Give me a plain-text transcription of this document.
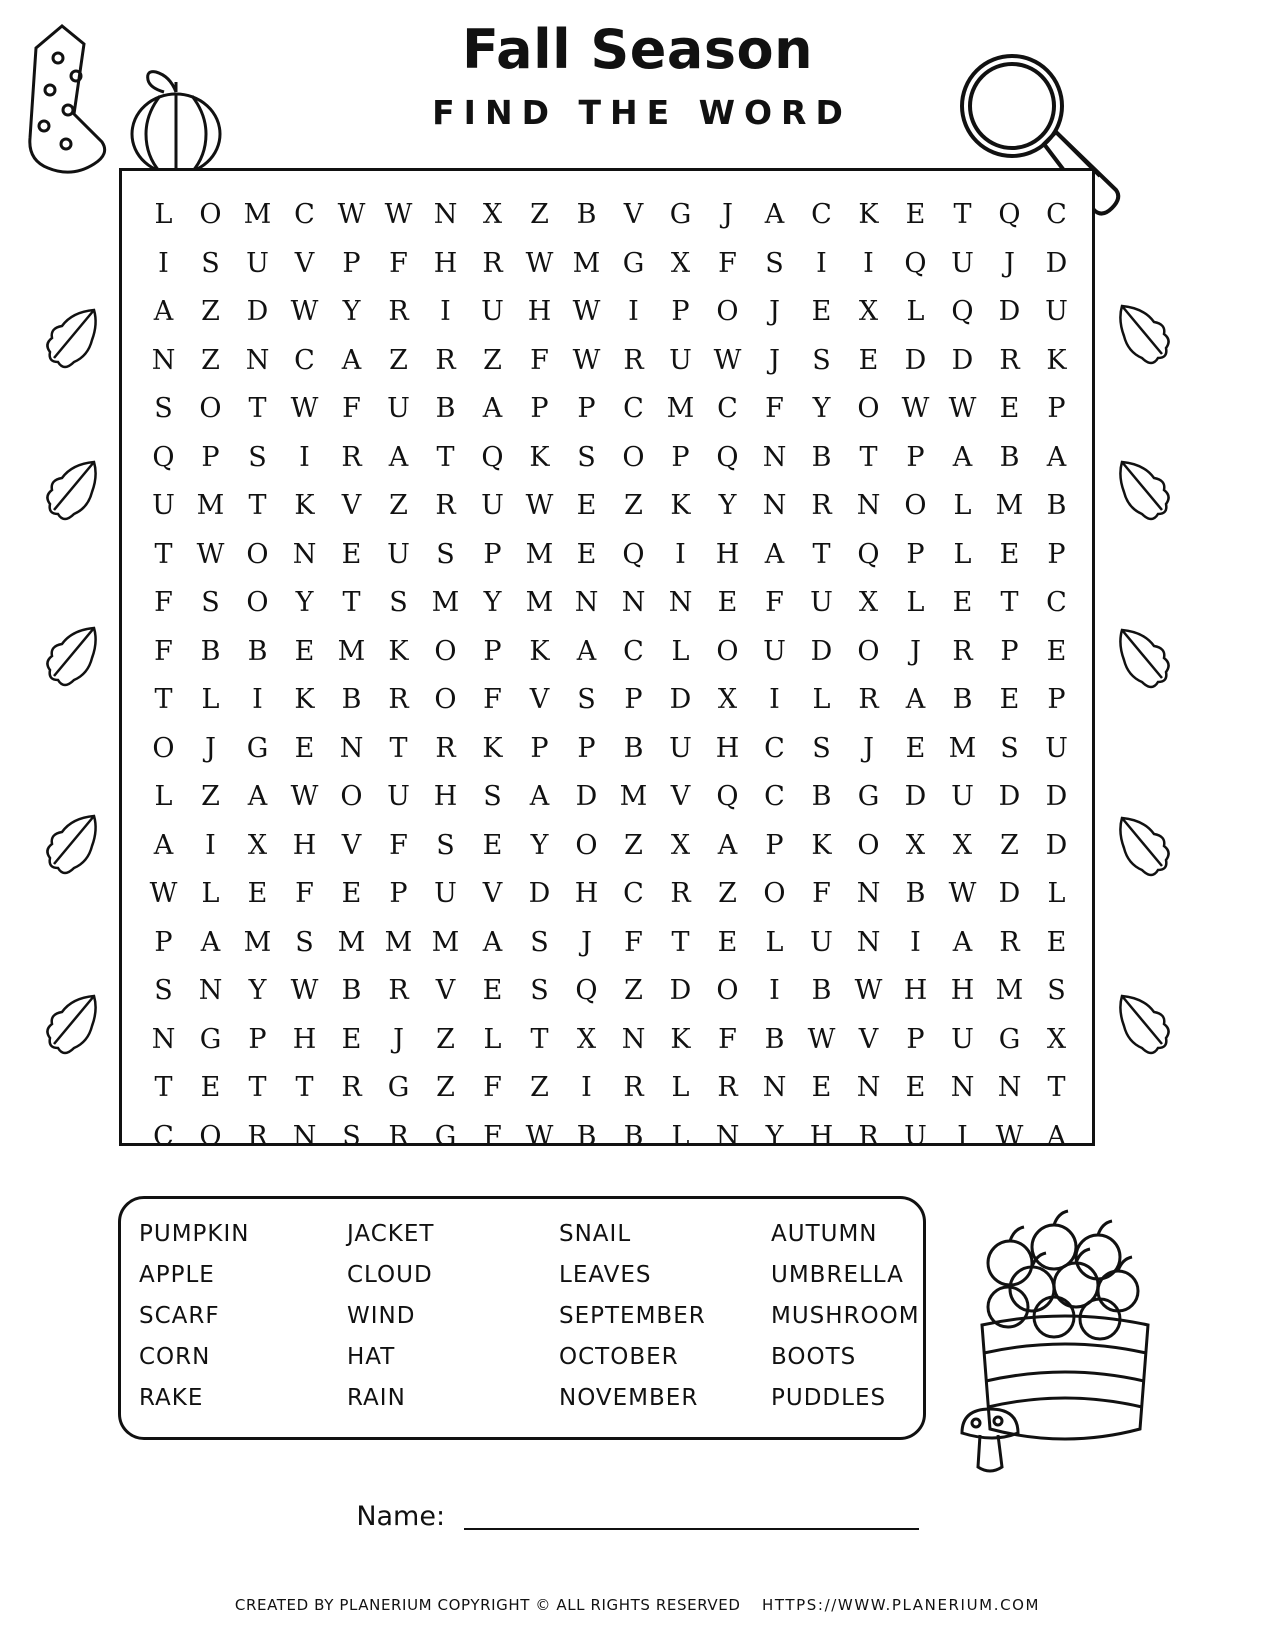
Fall Season
FIND THE WORD
L O M C W W N X	Z	B	V G	J	A C K	E	T Q C
I	S U V	P	F H R W M G X	F	S	I	I	Q U	J	D
A	Z D W Y	R	I	U H W	I	P O	J	E	X	L Q D U
N Z N C A	Z	R	Z	F W R U W	J	S	E D D R K
S O T W F U B	A	P	P	C M C	F	Y	O W W E	P
Q P	S	I	R	A	T Q K	S O P Q N B	T	P	A	B	A
U M T	K	V	Z	R U W E	Z	K	Y N R N O L M B
T W O N E U S	P M E Q	I	H A	T Q P	L	E	P
F	S O	Y	T	S M Y M N N N E	F U X	L	E	T	C
F	B	B	E M K O P	K	A C	L O U D O	J	R	P	E
T	L	I	K	B R O F	V	S	P	D X	I	L	R	A	B	E	P
O	J	G E N T	R K	P	P	B U H C	S	J	E M S U
L	Z	A W O U H S	A D M V Q C B G D U D D
A	I	X H V	F	S	E	Y	O Z	X	A	P	K O X	X	Z D
W L	E	F	E	P U V D H C R	Z O F N B W D	L
P	A M S M M M A	S	J	F	T	E	L U N	I	A	R E
S N Y W B R	V	E	S Q Z D O	I	B W H H M S
N G	P H E	J	Z	L	T	X N K	F	B W V	P U G X
T	E	T	T	R G Z	F	Z	I	R	L	R N E N E N N T
C O R N S	R G F W B	B	L N Y H R U	I	W A
PUMPKIN	JACKET	SNAIL	AUTUMN
APPLE	CLOUD	LEAVES	UMBRELLA
SCARF	WIND	SEPTEMBER	MUSHROOM
CORN	HAT	OCTOBER	BOOTS
RAKE	RAIN	NOVEMBER	PUDDLES
Name:
CREATED BY PLANERIUM COPYRIGHT © ALL RIGHTS RESERVED HTTPS://WWW.PLANERIUM.COM
